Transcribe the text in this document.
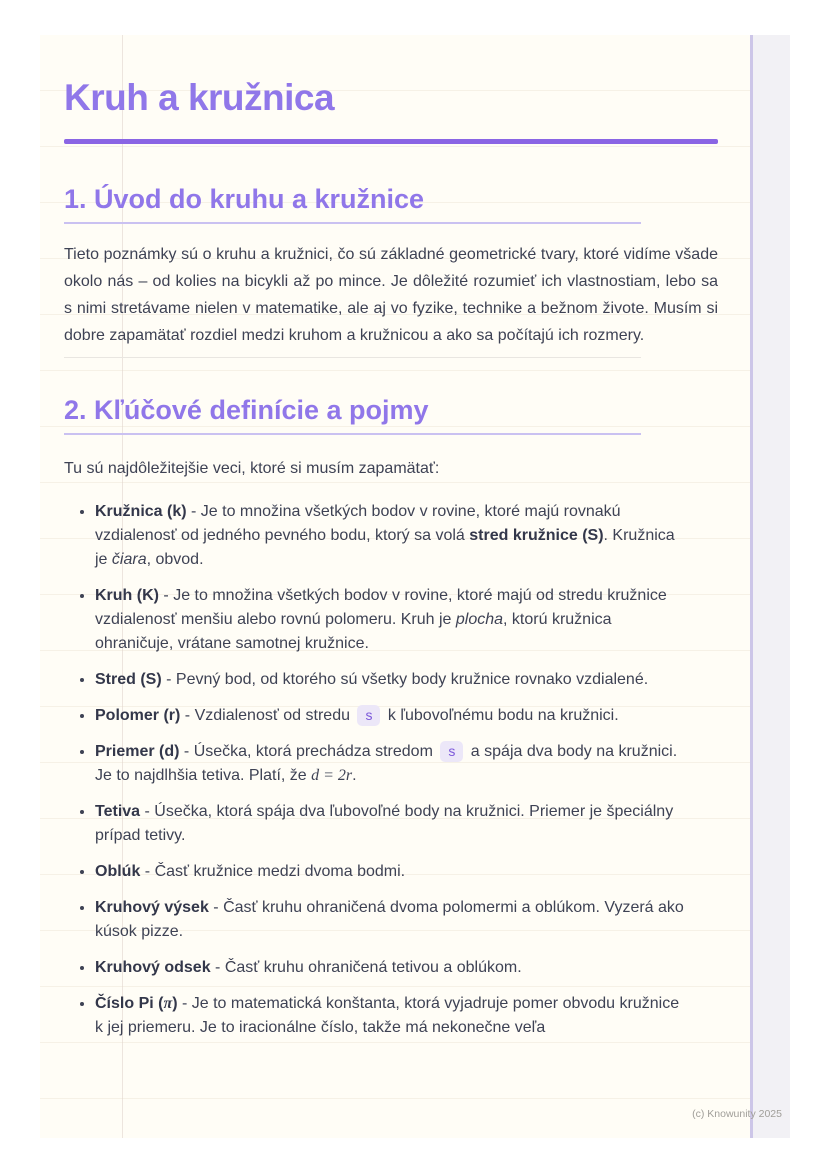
Kruh a kružnica
1. Úvod do kruhu a kružnice

Tieto poznámky sú o kruhu a kružnici, čo sú základné geometrické tvary, ktoré vidíme všade okolo nás – od kolies na bicykli až po mince. Je dôležité rozumieť ich vlastnostiam, lebo sa s nimi stretávame nielen v matematike, ale aj vo fyzike, technike a bežnom živote. Musím si dobre zapamätať rozdiel medzi kruhom a kružnicou a ako sa počítajú ich rozmery.

2. Kľúčové definície a pojmy

Tu sú najdôležitejšie veci, ktoré si musím zapamätať:

• Kružnica (k) - Je to množina všetkých bodov v rovine, ktoré majú rovnakú vzdialenosť od jedného pevného bodu, ktorý sa volá stred kružnice (S). Kružnica je čiara, obvod.
• Kruh (K) - Je to množina všetkých bodov v rovine, ktoré majú od stredu kružnice vzdialenosť menšiu alebo rovnú polomeru. Kruh je plocha, ktorú kružnica ohraničuje, vrátane samotnej kružnice.
• Stred (S) - Pevný bod, od ktorého sú všetky body kružnice rovnako vzdialené.
• Polomer (r) - Vzdialenosť od stredu s k ľubovoľnému bodu na kružnici.
• Priemer (d) - Úsečka, ktorá prechádza stredom s a spája dva body na kružnici. Je to najdlhšia tetiva. Platí, že d = 2r.
• Tetiva - Úsečka, ktorá spája dva ľubovoľné body na kružnici. Priemer je špeciálny prípad tetivy.
• Oblúk - Časť kružnice medzi dvoma bodmi.
• Kruhový výsek - Časť kruhu ohraničená dvoma polomermi a oblúkom. Vyzerá ako kúsok pizze.
• Kruhový odsek - Časť kruhu ohraničená tetivou a oblúkom.
• Číslo Pi (π) - Je to matematická konštanta, ktorá vyjadruje pomer obvodu kružnice k jej priemeru. Je to iracionálne číslo, takže má nekonečne veľa
(c) Knowunity 2025
